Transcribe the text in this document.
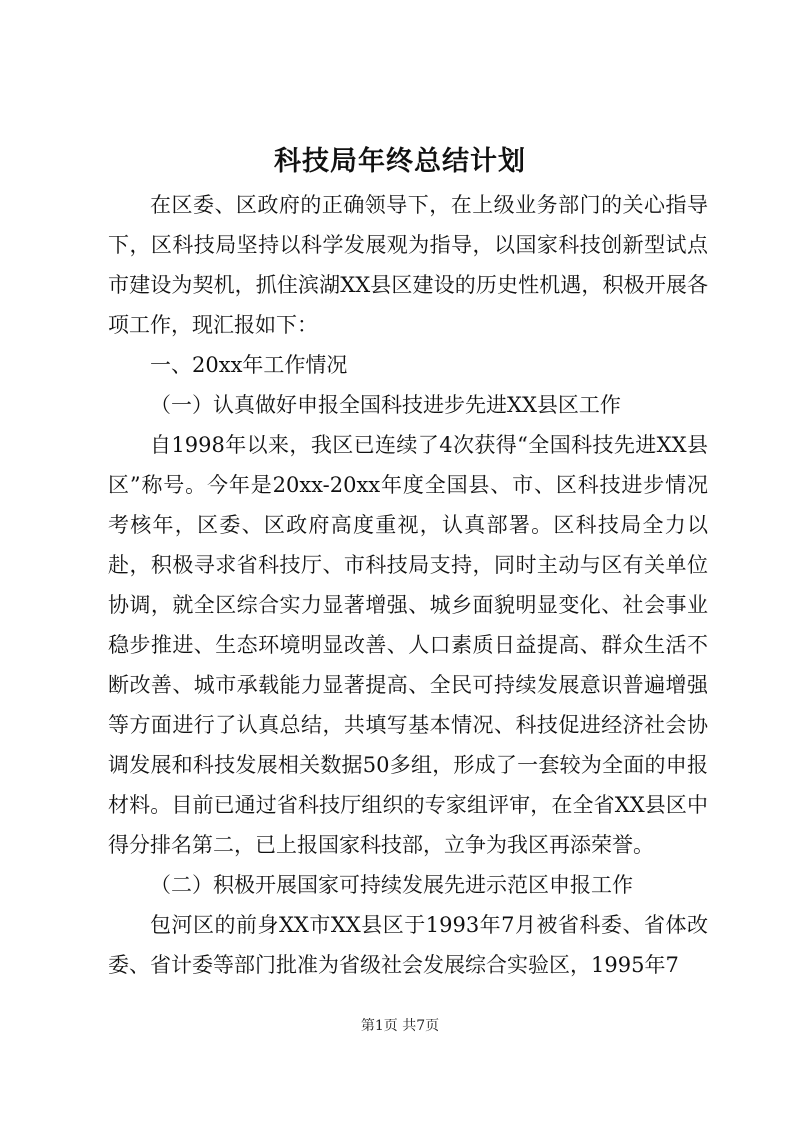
科技局年终总结计划

在区委、区政府的正确领导下，在上级业务部门的关心指导下，区科技局坚持以科学发展观为指导，以国家科技创新型试点市建设为契机，抓住滨湖XX县区建设的历史性机遇，积极开展各项工作，现汇报如下：

一、20xx年工作情况

（一）认真做好申报全国科技进步先进XX县区工作

自1998年以来，我区已连续了4次获得“全国科技先进XX县区”称号。今年是20xx-20xx年度全国县、市、区科技进步情况考核年，区委、区政府高度重视，认真部署。区科技局全力以赴，积极寻求省科技厅、市科技局支持，同时主动与区有关单位协调，就全区综合实力显著增强、城乡面貌明显变化、社会事业稳步推进、生态环境明显改善、人口素质日益提高、群众生活不断改善、城市承载能力显著提高、全民可持续发展意识普遍增强等方面进行了认真总结，共填写基本情况、科技促进经济社会协调发展和科技发展相关数据50多组，形成了一套较为全面的申报材料。目前已通过省科技厅组织的专家组评审，在全省XX县区中得分排名第二，已上报国家科技部，立争为我区再添荣誉。

（二）积极开展国家可持续发展先进示范区申报工作

包河区的前身XX市XX县区于1993年7月被省科委、省体改委、省计委等部门批准为省级社会发展综合实验区，1995年7

第1页 共7页
